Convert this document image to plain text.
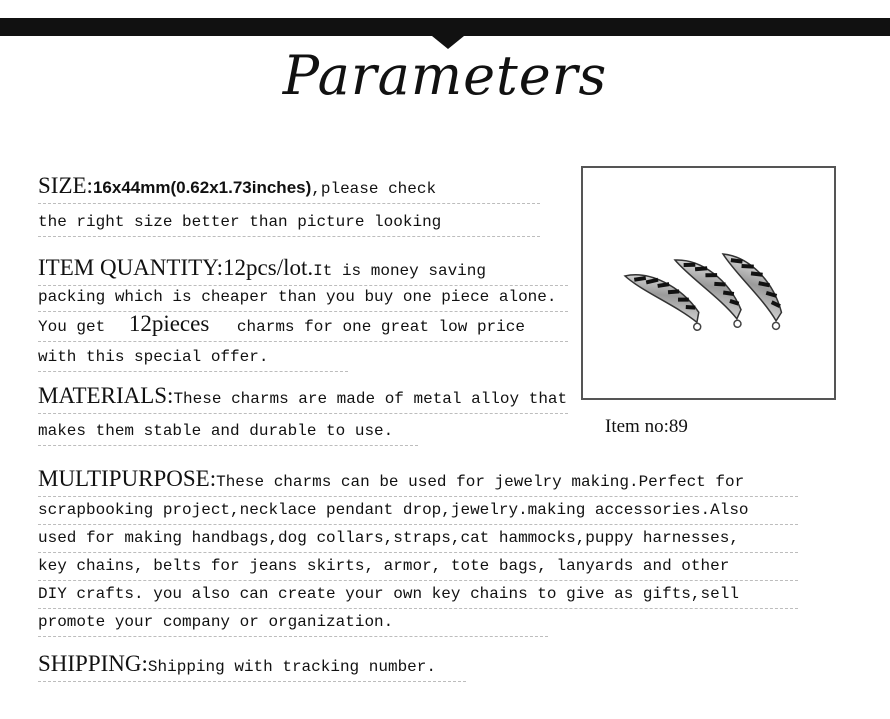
Parameters
SIZE:16x44mm(0.62x1.73inches),please check
the right size better than picture looking
ITEM QUANTITY:12pcs/lot.It is money saving
packing which is cheaper than you buy one piece alone.
You get 12pieces charms for one great low price
with this special offer.
MATERIALS:These charms are made of metal alloy that
makes them stable and durable to use.	Item no:89
MULTIPURPOSE:These charms can be used for jewelry making.Perfect for
scrapbooking project,necklace pendant drop,jewelry.making accessories.Also
used for making handbags,dog collars,straps,cat hammocks,puppy harnesses,
key chains, belts for jeans skirts, armor, tote bags, lanyards and other
DIY crafts. you also can create your own key chains to give as gifts,sell
promote your company or organization.
SHIPPING:Shipping with tracking number.
